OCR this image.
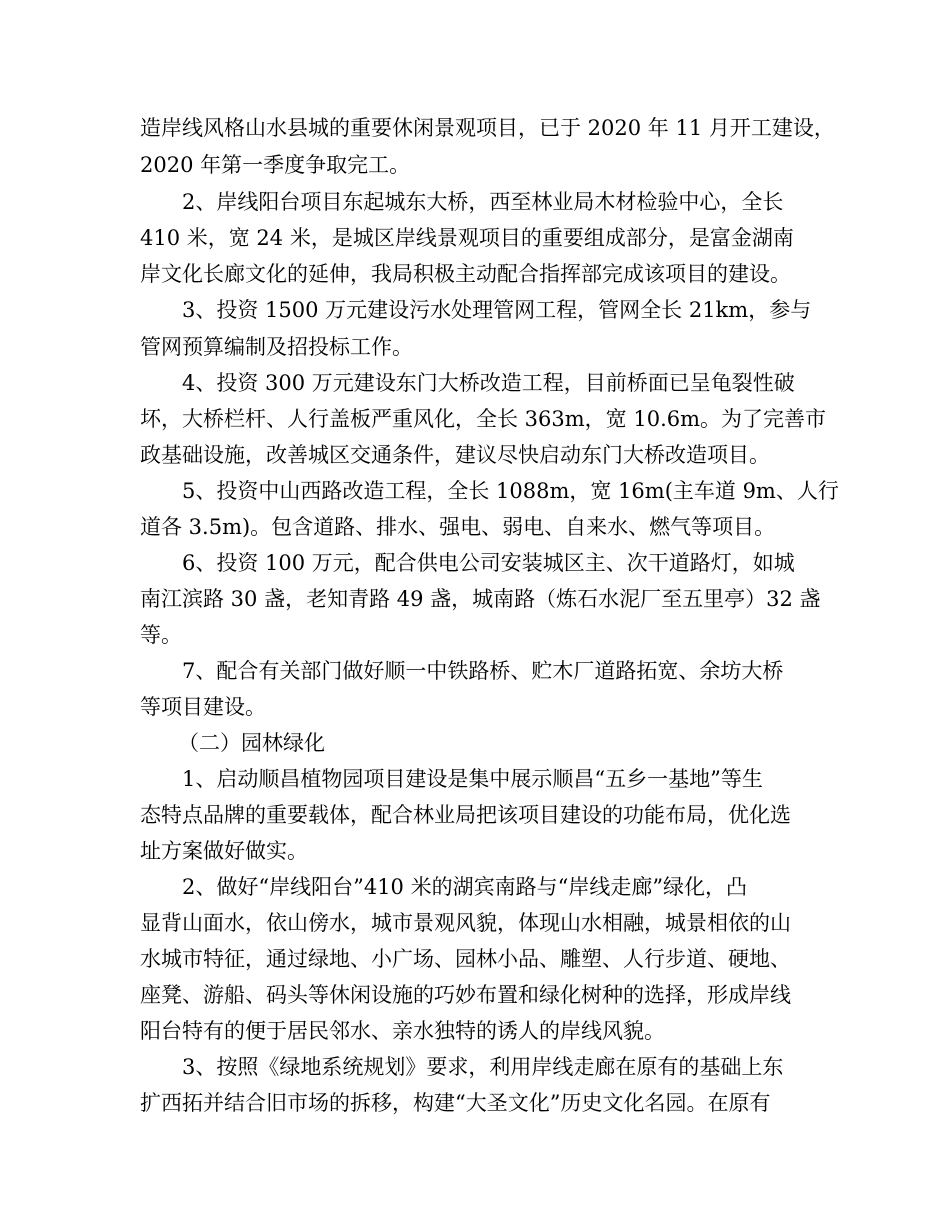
造岸线风格山水县城的重要休闲景观项目，已于 2020 年 11 月开工建设，
2020 年第一季度争取完工。
2、岸线阳台项目东起城东大桥，西至林业局木材检验中心，全长
410 米，宽 24 米，是城区岸线景观项目的重要组成部分，是富金湖南
岸文化长廊文化的延伸，我局积极主动配合指挥部完成该项目的建设。
3、投资 1500 万元建设污水处理管网工程，管网全长 21km，参与
管网预算编制及招投标工作。
4、投资 300 万元建设东门大桥改造工程，目前桥面已呈龟裂性破
坏，大桥栏杆、人行盖板严重风化，全长 363m，宽 10.6m。为了完善市
政基础设施，改善城区交通条件，建议尽快启动东门大桥改造项目。
5、投资中山西路改造工程，全长 1088m，宽 16m(主车道 9m、人行
道各 3.5m)。包含道路、排水、强电、弱电、自来水、燃气等项目。
6、投资 100 万元，配合供电公司安装城区主、次干道路灯，如城
南江滨路 30 盏，老知青路 49 盏，城南路（炼石水泥厂至五里亭）32 盏
等。
7、配合有关部门做好顺一中铁路桥、贮木厂道路拓宽、余坊大桥
等项目建设。
（二）园林绿化
1、启动顺昌植物园项目建设是集中展示顺昌“五乡一基地”等生
态特点品牌的重要载体，配合林业局把该项目建设的功能布局，优化选
址方案做好做实。
2、做好“岸线阳台”410 米的湖宾南路与“岸线走廊”绿化，凸
显背山面水，依山傍水，城市景观风貌，体现山水相融，城景相依的山
水城市特征，通过绿地、小广场、园林小品、雕塑、人行步道、硬地、
座凳、游船、码头等休闲设施的巧妙布置和绿化树种的选择，形成岸线
阳台特有的便于居民邻水、亲水独特的诱人的岸线风貌。
3、按照《绿地系统规划》要求，利用岸线走廊在原有的基础上东
扩西拓并结合旧市场的拆移，构建“大圣文化”历史文化名园。在原有
